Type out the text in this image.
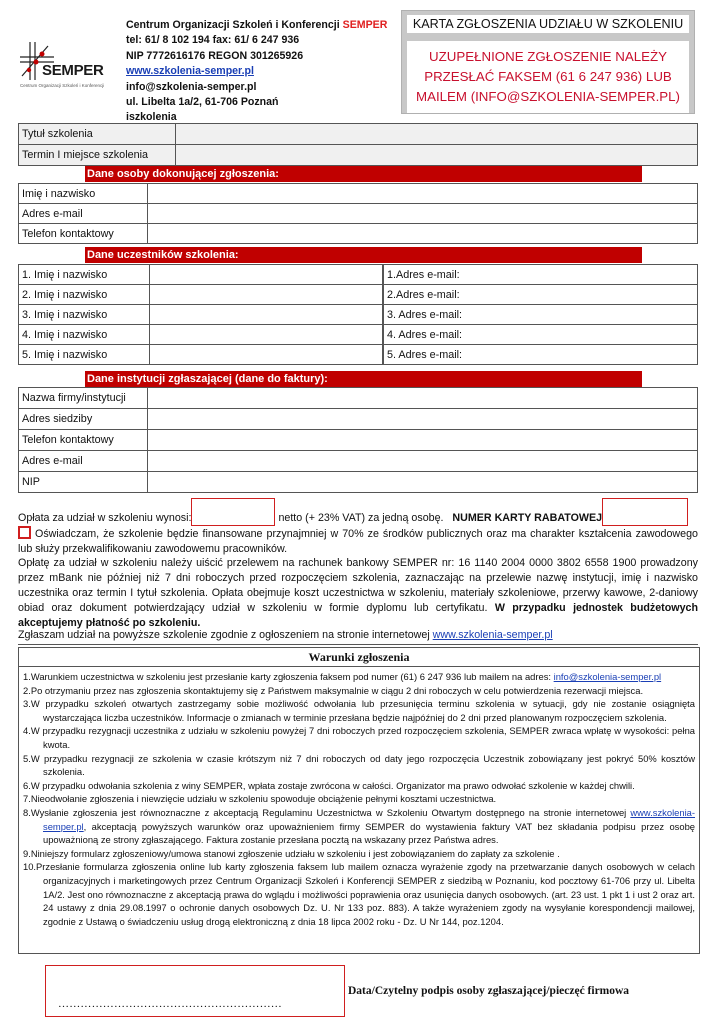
SEMPER
Centrum Organizacji Szkoleń i Konferencji
Centrum Organizacji Szkoleń i Konferencji SEMPER
tel: 61/ 8 102 194 fax: 61/ 6 247 936
NIP 7772616176 REGON 301265926
www.szkolenia-semper.pl
info@szkolenia-semper.pl
ul. Libelta 1a/2, 61-706 Poznań
iszkolenia
KARTA ZGŁOSZENIA UDZIAŁU W SZKOLENIU
UZUPEŁNIONE ZGŁOSZENIE NALEŻY PRZESŁAĆ FAKSEM (61 6 247 936) LUB MAILEM (INFO@SZKOLENIA-SEMPER.PL)
Tytuł szkolenia	
Termin I miejsce szkolenia	
Dane osoby dokonującej zgłoszenia:
Imię i nazwisko	
Adres e-mail	
Telefon kontaktowy	
Dane uczestników szkolenia:
1. Imię i nazwisko			1.Adres e-mail:
2. Imię i nazwisko			2.Adres e-mail:
3. Imię i nazwisko			3. Adres e-mail:
4. Imię i nazwisko			4. Adres e-mail:
5. Imię i nazwisko			5. Adres e-mail:
Dane instytucji zgłaszającej (dane do faktury):
Nazwa firmy/instytucji	
Adres siedziby	
Telefon kontaktowy	
Adres e-mail	
NIP	
Opłata za udział w szkoleniu wynosi:	netto (+ 23% VAT) za jedną osobę. NUMER KARTY RABATOWEJ
Oświadczam, że szkolenie będzie finansowane przynajmniej w 70% ze środków publicznych oraz ma charakter kształcenia zawodowego lub służy przekwalifikowaniu zawodowemu pracowników.
Opłatę za udział w szkoleniu należy uiścić przelewem na rachunek bankowy SEMPER nr: 16 1140 2004 0000 3802 6558 1900 prowadzony przez mBank nie później niż 7 dni roboczych przed rozpoczęciem szkolenia, zaznaczając na przelewie nazwę instytucji, imię i nazwisko uczestnika oraz termin I tytuł szkolenia. Opłata obejmuje koszt uczestnictwa w szkoleniu, materiały szkoleniowe, przerwy kawowe, 2-daniowy obiad oraz dokument potwierdzający udział w szkoleniu w formie dyplomu lub certyfikatu. W przypadku jednostek budżetowych akceptujemy płatność po szkoleniu.
Zgłaszam udział na powyższe szkolenie zgodnie z ogłoszeniem na stronie internetowej www.szkolenia-semper.pl
Warunki zgłoszenia
1.Warunkiem uczestnictwa w szkoleniu jest przesłanie karty zgłoszenia faksem pod numer (61) 6 247 936 lub mailem na adres: info@szkolenia-semper.pl
2.Po otrzymaniu przez nas zgłoszenia skontaktujemy się z Państwem maksymalnie w ciągu 2 dni roboczych w celu potwierdzenia rezerwacji miejsca.
3.W przypadku szkoleń otwartych zastrzegamy sobie możliwość odwołania lub przesunięcia terminu szkolenia w sytuacji, gdy nie zostanie osiągnięta wystarczająca liczba uczestników. Informacje o zmianach w terminie przesłana będzie najpóźniej do 2 dni przed planowanym rozpoczęciem szkolenia.
4.W przypadku rezygnacji uczestnika z udziału w szkoleniu powyżej 7 dni roboczych przed rozpoczęciem szkolenia, SEMPER zwraca wpłatę w wysokości: pełna kwota.
5.W przypadku rezygnacji ze szkolenia w czasie krótszym niż 7 dni roboczych od daty jego rozpoczęcia Uczestnik zobowiązany jest pokryć 50% kosztów szkolenia.
6.W przypadku odwołania szkolenia z winy SEMPER, wpłata zostaje zwrócona w całości. Organizator ma prawo odwołać szkolenie w każdej chwili.
7.Nieodwołanie zgłoszenia i niewzięcie udziału w szkoleniu spowoduje obciążenie pełnymi kosztami uczestnictwa.
8.Wysłanie zgłoszenia jest równoznaczne z akceptacją Regulaminu Uczestnictwa w Szkoleniu Otwartym dostępnego na stronie internetowej www.szkolenia-semper.pl, akceptacją powyższych warunków oraz upoważnieniem firmy SEMPER do wystawienia faktury VAT bez składania podpisu przez osobę upoważnioną ze strony zgłaszającego. Faktura zostanie przesłana pocztą na wskazany przez Państwa adres.
9.Niniejszy formularz zgłoszeniowy/umowa stanowi zgłoszenie udziału w szkoleniu i jest zobowiązaniem do zapłaty za szkolenie .
10.Przesłanie formularza zgłoszenia online lub karty zgłoszenia faksem lub mailem oznacza wyrażenie zgody na przetwarzanie danych osobowych w celach organizacyjnych i marketingowych przez Centrum Organizacji Szkoleń i Konferencji SEMPER z siedzibą w Poznaniu, kod pocztowy 61-706 przy ul. Libelta 1A/2. Jest ono równoznaczne z akceptacją prawa do wglądu i możliwości poprawienia oraz usunięcia danych osobowych. (art. 23 ust. 1 pkt 1 i ust 2 oraz art. 24 ustawy z dnia 29.08.1997 o ochronie danych osobowych Dz. U. Nr 133 poz. 883). A także wyrażeniem zgody na wysyłanie korespondencji mailowej, zgodnie z Ustawą o świadczeniu usług drogą elektroniczną z dnia 18 lipca 2002 roku - Dz. U Nr 144, poz.1204.
……………………………………………………
Data/Czytelny podpis osoby zgłaszającej/pieczęć firmowa
